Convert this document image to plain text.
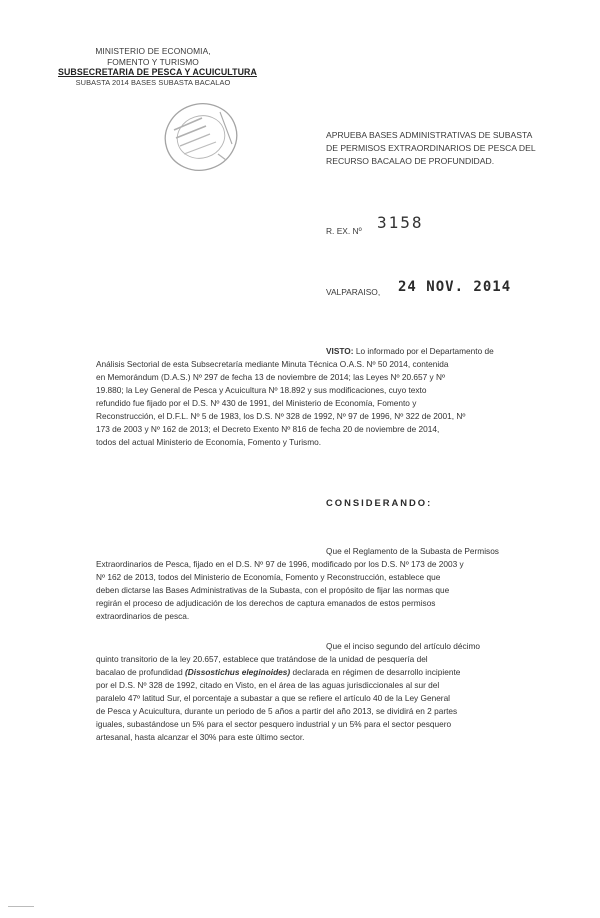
MINISTERIO DE ECONOMIA,
FOMENTO Y TURISMO
SUBSECRETARIA DE PESCA Y ACUICULTURA
SUBASTA 2014 BASES SUBASTA BACALAO
APRUEBA BASES ADMINISTRATIVAS DE SUBASTA
DE PERMISOS EXTRAORDINARIOS DE PESCA DEL
RECURSO BACALAO DE PROFUNDIDAD.
R. EX. Nº 3158
VALPARAISO, 24 NOV. 2014
VISTO: Lo informado por el Departamento de
Análisis Sectorial de esta Subsecretaría mediante Minuta Técnica O.A.S. Nº 50 2014, contenida
en Memorándum (D.A.S.) Nº 297 de fecha 13 de noviembre de 2014; las Leyes Nº 20.657 y Nº
19.880; la Ley General de Pesca y Acuicultura Nº 18.892 y sus modificaciones, cuyo texto
refundido fue fijado por el D.S. Nº 430 de 1991, del Ministerio de Economía, Fomento y
Reconstrucción, el D.F.L. Nº 5 de 1983, los D.S. Nº 328 de 1992, Nº 97 de 1996, Nº 322 de 2001, Nº
173 de 2003 y Nº 162 de 2013; el Decreto Exento Nº 816 de fecha 20 de noviembre de 2014,
todos del actual Ministerio de Economía, Fomento y Turismo.
CONSIDERANDO:
Que el Reglamento de la Subasta de Permisos
Extraordinarios de Pesca, fijado en el D.S. Nº 97 de 1996, modificado por los D.S. Nº 173 de 2003 y
Nº 162 de 2013, todos del Ministerio de Economía, Fomento y Reconstrucción, establece que
deben dictarse las Bases Administrativas de la Subasta, con el propósito de fijar las normas que
regirán el proceso de adjudicación de los derechos de captura emanados de estos permisos
extraordinarios de pesca.
Que el inciso segundo del artículo décimo
quinto transitorio de la ley 20.657, establece que tratándose de la unidad de pesquería del
bacalao de profundidad (Dissostichus eleginoides) declarada en régimen de desarrollo incipiente
por el D.S. Nº 328 de 1992, citado en Visto, en el área de las aguas jurisdiccionales al sur del
paralelo 47º latitud Sur, el porcentaje a subastar a que se refiere el artículo 40 de la Ley General
de Pesca y Acuicultura, durante un periodo de 5 años a partir del año 2013, se dividirá en 2 partes
iguales, subastándose un 5% para el sector pesquero industrial y un 5% para el sector pesquero
artesanal, hasta alcanzar el 30% para este último sector.
